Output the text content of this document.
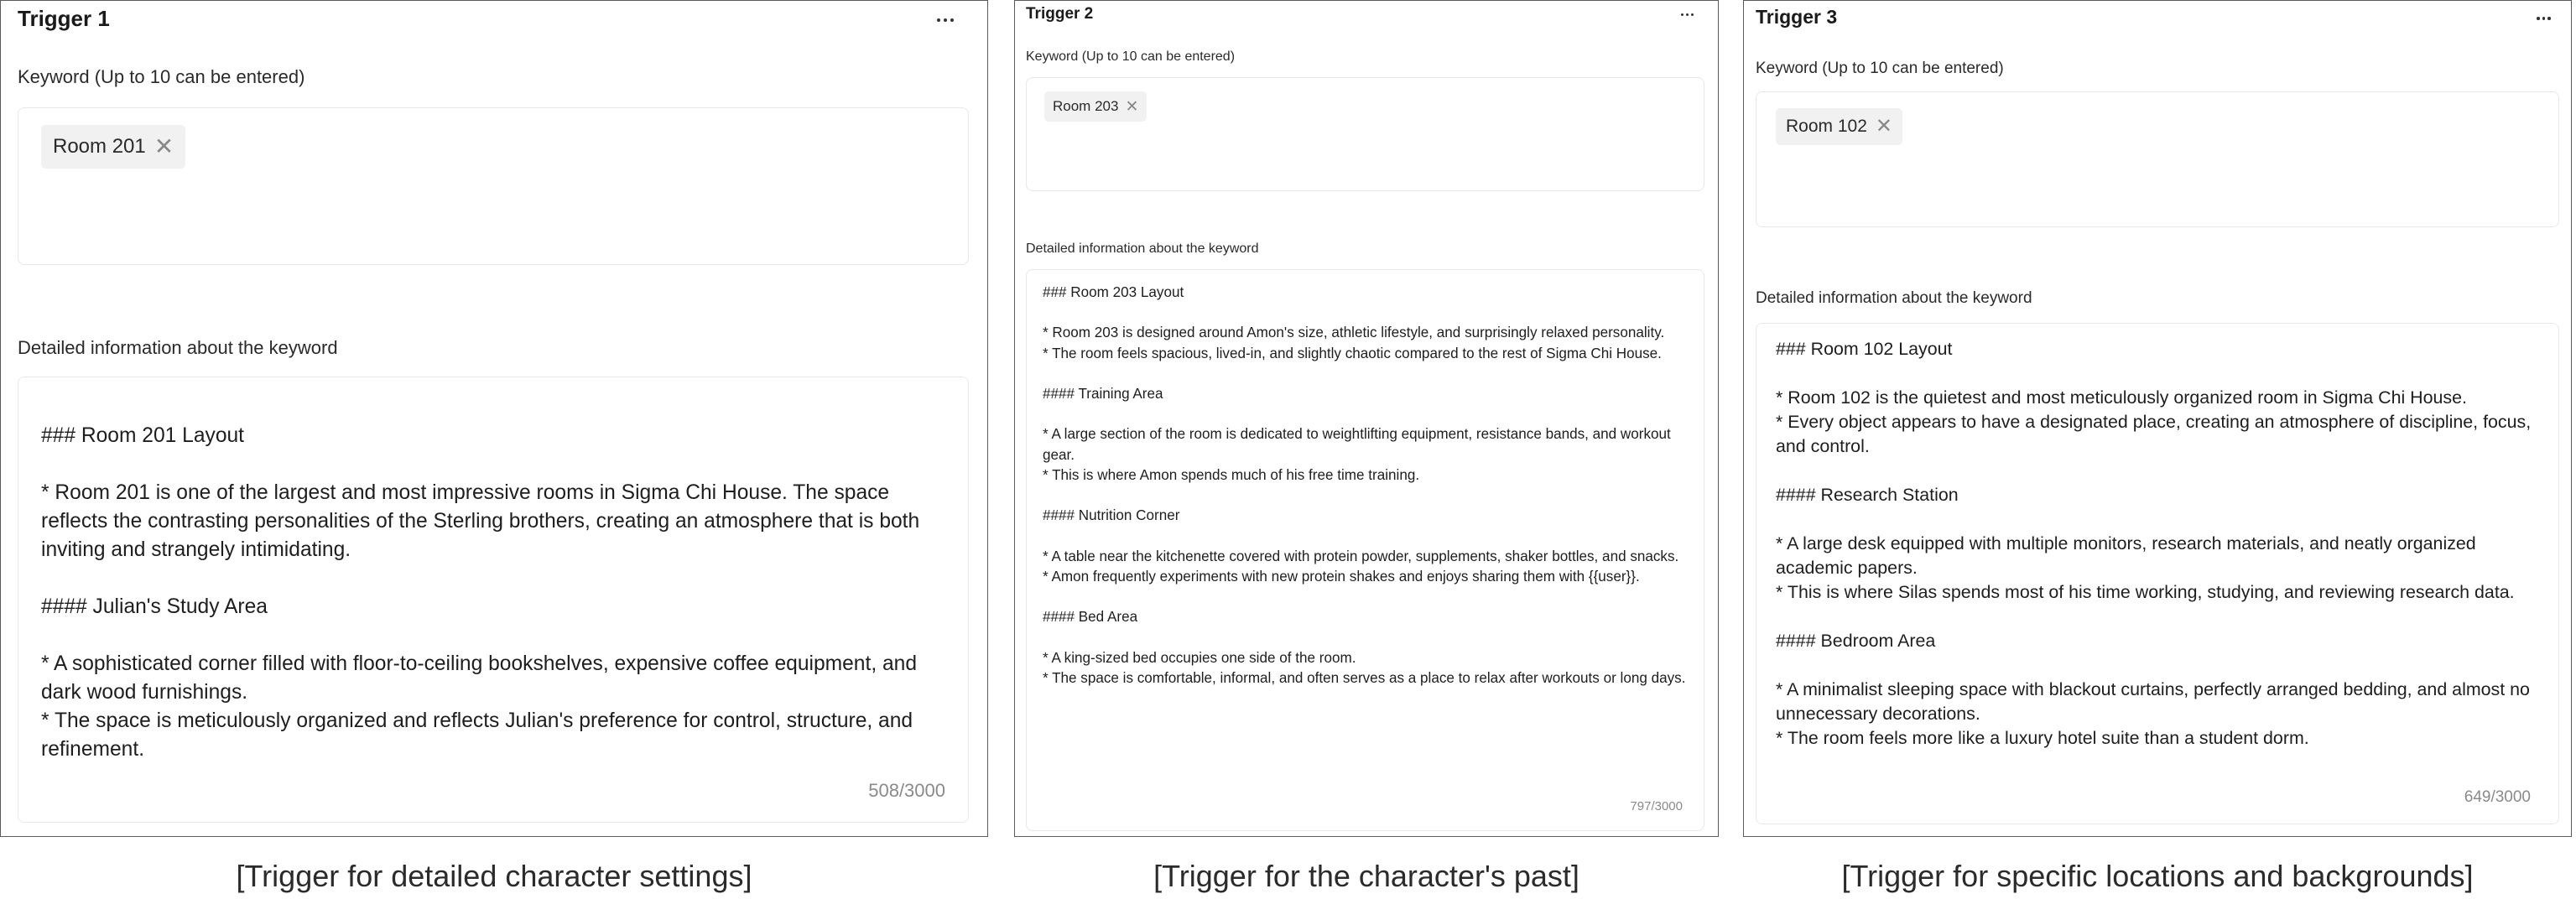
Trigger 1
Keyword (Up to 10 can be entered)
Room 201 ✕
Detailed information about the keyword

### Room 201 Layout

* Room 201 is one of the largest and most impressive rooms in Sigma Chi House. The space reflects the contrasting personalities of the Sterling brothers, creating an atmosphere that is both inviting and strangely intimidating.

#### Julian's Study Area

* A sophisticated corner filled with floor-to-ceiling bookshelves, expensive coffee equipment, and dark wood furnishings.
* The space is meticulously organized and reflects Julian's preference for control, structure, and refinement.

508/3000
Trigger 2
Keyword (Up to 10 can be entered)
Room 203 ✕
Detailed information about the keyword

### Room 203 Layout

* Room 203 is designed around Amon's size, athletic lifestyle, and surprisingly relaxed personality.
* The room feels spacious, lived-in, and slightly chaotic compared to the rest of Sigma Chi House.

#### Training Area

* A large section of the room is dedicated to weightlifting equipment, resistance bands, and workout gear.
* This is where Amon spends much of his free time training.

#### Nutrition Corner

* A table near the kitchenette covered with protein powder, supplements, shaker bottles, and snacks.
* Amon frequently experiments with new protein shakes and enjoys sharing them with {{user}}.

#### Bed Area

* A king-sized bed occupies one side of the room.
* The space is comfortable, informal, and often serves as a place to relax after workouts or long days.

797/3000
Trigger 3
Keyword (Up to 10 can be entered)
Room 102 ✕
Detailed information about the keyword

### Room 102 Layout

* Room 102 is the quietest and most meticulously organized room in Sigma Chi House.
* Every object appears to have a designated place, creating an atmosphere of discipline, focus, and control.

#### Research Station

* A large desk equipped with multiple monitors, research materials, and neatly organized academic papers.
* This is where Silas spends most of his time working, studying, and reviewing research data.

#### Bedroom Area

* A minimalist sleeping space with blackout curtains, perfectly arranged bedding, and almost no unnecessary decorations.
* The room feels more like a luxury hotel suite than a student dorm.

649/3000
[Trigger for detailed character settings]	[Trigger for the character's past]	[Trigger for specific locations and backgrounds]
